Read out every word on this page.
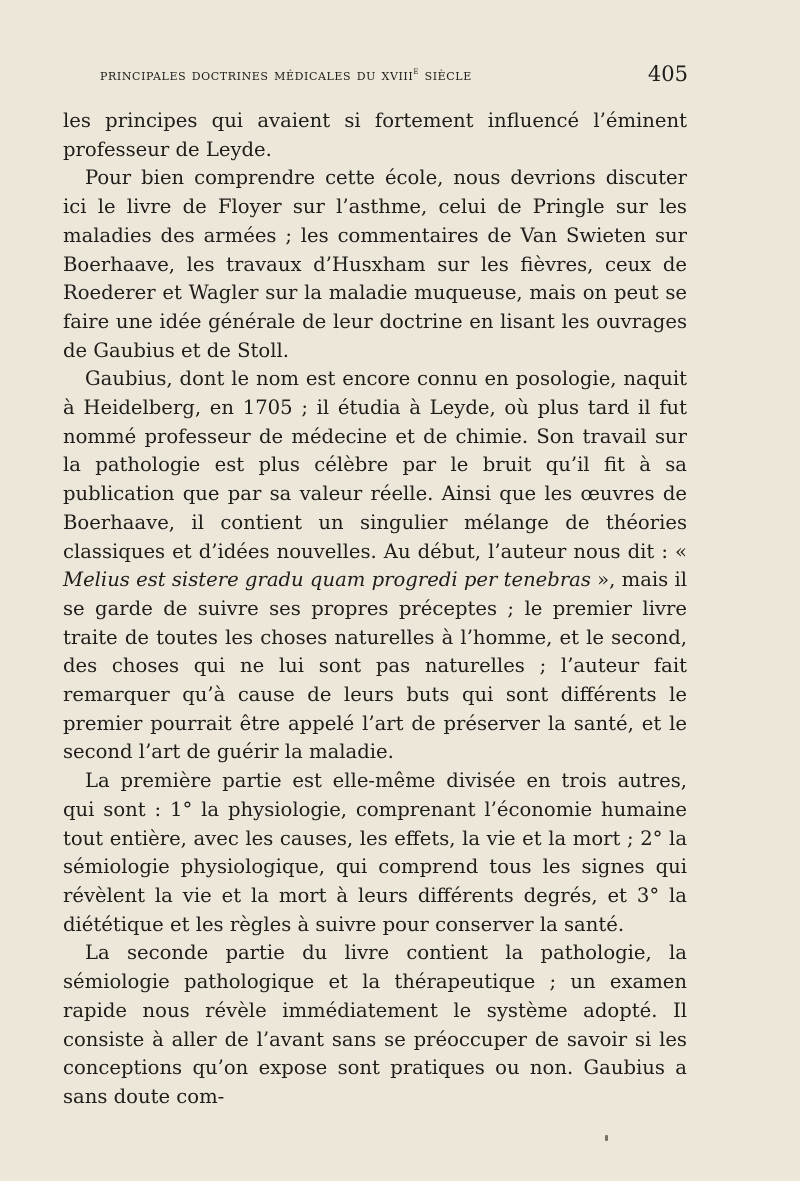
principales doctrines médicales du xviii$^e$ siècle	405

les principes qui avaient si fortement influencé l’éminent professeur de Leyde.

Pour bien comprendre cette école, nous devrions discuter ici le livre de Floyer sur l’asthme, celui de Pringle sur les maladies des armées ; les commentaires de Van Swieten sur Boerhaave, les travaux d’Husxham sur les fièvres, ceux de Roederer et Wagler sur la maladie muqueuse, mais on peut se faire une idée générale de leur doctrine en lisant les ouvrages de Gaubius et de Stoll.

Gaubius, dont le nom est encore connu en posologie, naquit à Heidelberg, en 1705 ; il étudia à Leyde, où plus tard il fut nommé professeur de médecine et de chimie. Son travail sur la pathologie est plus célèbre par le bruit qu’il fit à sa publication que par sa valeur réelle. Ainsi que les œuvres de Boerhaave, il contient un singulier mélange de théories classiques et d’idées nouvelles. Au début, l’auteur nous dit : « Melius est sistere gradu quam progredi per tenebras », mais il se garde de suivre ses propres préceptes ; le premier livre traite de toutes les choses naturelles à l’homme, et le second, des choses qui ne lui sont pas naturelles ; l’auteur fait remarquer qu’à cause de leurs buts qui sont différents le premier pourrait être appelé l’art de préserver la santé, et le second l’art de guérir la maladie.

La première partie est elle-même divisée en trois autres, qui sont : 1° la physiologie, comprenant l’économie humaine tout entière, avec les causes, les effets, la vie et la mort ; 2° la sémiologie physiologique, qui comprend tous les signes qui révèlent la vie et la mort à leurs différents degrés, et 3° la diététique et les règles à suivre pour conserver la santé.

La seconde partie du livre contient la pathologie, la sémiologie pathologique et la thérapeutique ; un examen rapide nous révèle immédiatement le système adopté. Il consiste à aller de l’avant sans se préoccuper de savoir si les conceptions qu’on expose sont pratiques ou non. Gaubius a sans doute com-
